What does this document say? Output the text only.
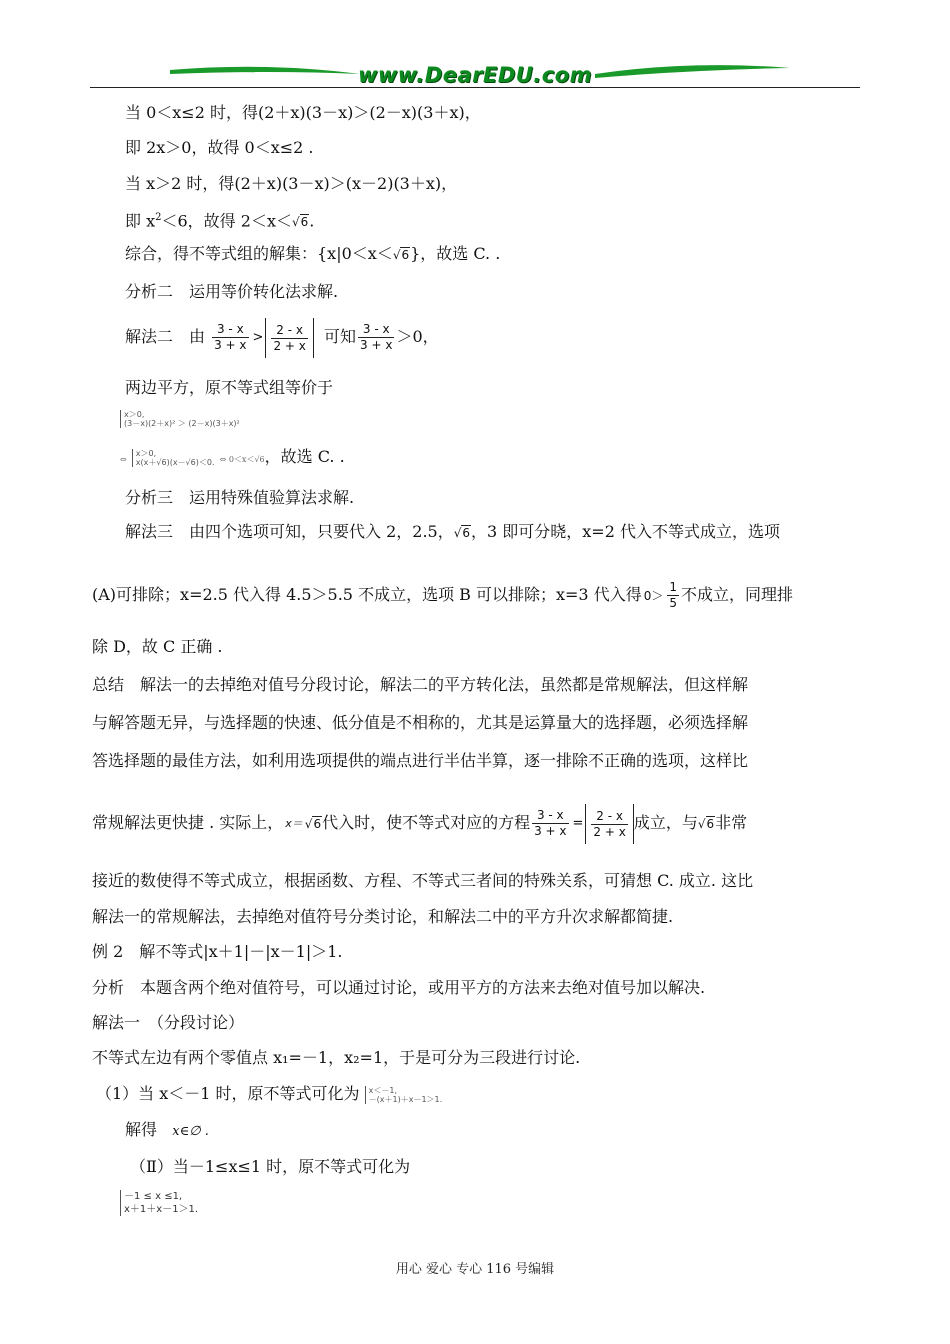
www.DearEDU.com
当 0＜x≤2 时，得(2＋x)(3－x)＞(2－x)(3＋x)，
即 2x＞0，故得 0＜x≤2 .
当 x＞2 时，得(2＋x)(3－x)＞(x－2)(3＋x)，
即 $x^2<6$，故得 2＜x＜√6.
综合，得不等式组的解集：{x|0＜x＜√6}，故选 C. .
分析二　运用等价转化法求解.
解法二　由 $\frac{3 - x}{3 + x} > \frac{2 - x}{2 + x}$ 可知 $\frac{3 - x}{3 + x} >0$，
两边平方，原不等式组等价于
x＞0,
(3－x)(2＋x)² ＞ (2－x)(3＋x)²
⇔
x＞0,
x(x＋√6)(x－√6)＜0. ⇔ 0＜x＜√6，故选 C. .
分析三　运用特殊值验算法求解.
解法三　由四个选项可知，只要代入 2，2.5，√6，3 即可分晓，x=2 代入不等式成立，选项
(A)可排除；x=2.5 代入得 4.5＞5.5 不成立，选项 B 可以排除；x=3 代入得 $0> \frac{1}{5}$ 不成立，同理排
除 D，故 C 正确 .
总结　解法一的去掉绝对值号分段讨论，解法二的平方转化法，虽然都是常规解法，但这样解
与解答题无异，与选择题的快速、低分值是不相称的，尤其是运算量大的选择题，必须选择解
答选择题的最佳方法，如利用选项提供的端点进行半估半算，逐一排除不正确的选项，这样比
常规解法更快捷 . 实际上， x＝ √6代入时，使不等式对应的方程 $\frac{3 - x}{3 + x} = \frac{2 - x}{2 + x}$ 成立，与√6非常
接近的数使得不等式成立，根据函数、方程、不等式三者间的特殊关系，可猜想 C. 成立. 这比
解法一的常规解法，去掉绝对值符号分类讨论，和解法二中的平方升次求解都简捷.
例 2　解不等式|x＋1|－|x－1|＞1.
分析　本题含两个绝对值符号，可以通过讨论，或用平方的方法来去绝对值号加以解决.
解法一　（分段讨论）
不等式左边有两个零值点 x₁=－1，x₂=1，于是可分为三段进行讨论.
（1）当 x＜－1 时，原不等式可化为 x＜－1,
－(x＋1)＋x－1＞1.
解得 x∈∅ .
（Ⅱ）当－1≤x≤1 时，原不等式可化为
－1 ≤ x ≤1,
x＋1＋x－1＞1.
用心 爱心 专心 116 号编辑
